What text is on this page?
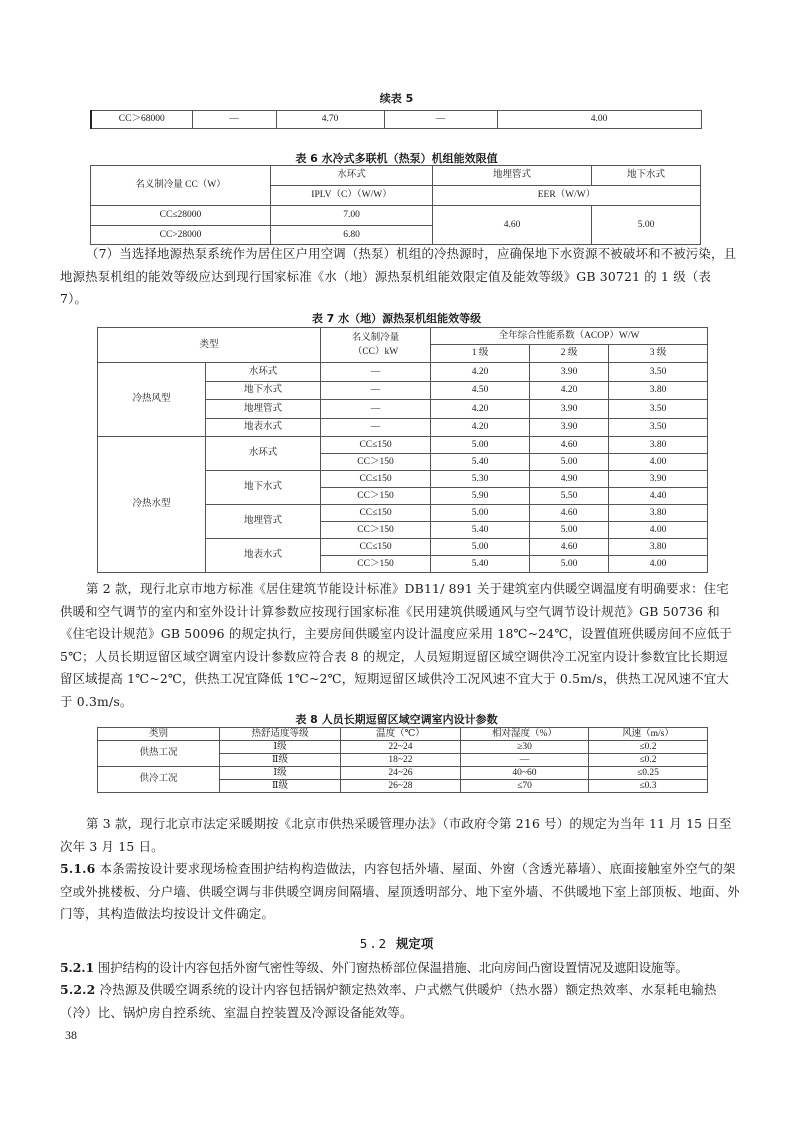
续表 5
CC＞68000	—	4.70	—	4.00
表 6 水冷式多联机（热泵）机组能效限值
名义制冷量 CC（W）	水环式	地埋管式	地下水式
	IPLV（C）（W/W）	EER（W/W）	
CC≤28000	7.00	4.60	5.00
CC>28000	6.80		
（7）当选择地源热泵系统作为居住区户用空调（热泵）机组的冷热源时，应确保地下水资源不被破坏和不被污染，且地源热泵机组的能效等级应达到现行国家标准《水（地）源热泵机组能效限定值及能效等级》GB 30721 的 1 级（表 7）。
表 7 水（地）源热泵机组能效等级
类型		名义制冷量
（CC）kW	全年综合性能系数（ACOP）W/W		
			1 级	2 级	3 级
冷热风型	水环式	—	4.20	3.90	3.50
	地下水式	—	4.50	4.20	3.80
	地埋管式	—	4.20	3.90	3.50
	地表水式	—	4.20	3.90	3.50
冷热水型	水环式	CC≤150	5.00	4.60	3.80
		CC＞150	5.40	5.00	4.00
	地下水式	CC≤150	5.30	4.90	3.90
		CC＞150	5.90	5.50	4.40
	地埋管式	CC≤150	5.00	4.60	3.80
		CC＞150	5.40	5.00	4.00
	地表水式	CC≤150	5.00	4.60	3.80
		CC＞150	5.40	5.00	4.00
第 2 款，现行北京市地方标准《居住建筑节能设计标准》DB11/ 891 关于建筑室内供暖空调温度有明确要求：住宅供暖和空气调节的室内和室外设计计算参数应按现行国家标准《民用建筑供暖通风与空气调节设计规范》GB 50736 和《住宅设计规范》GB 50096 的规定执行，主要房间供暖室内设计温度应采用 18℃~24℃，设置值班供暖房间不应低于 5℃；人员长期逗留区域空调室内设计参数应符合表 8 的规定，人员短期逗留区域空调供冷工况室内设计参数宜比长期逗留区域提高 1℃~2℃，供热工况宜降低 1℃~2℃，短期逗留区域供冷工况风速不宜大于 0.5m/s，供热工况风速不宜大于 0.3m/s。
表 8 人员长期逗留区域空调室内设计参数
类别	热舒适度等级	温度（℃）	相对湿度（%）	风速（m/s）
供热工况	Ⅰ级	22~24	≥30	≤0.2
	Ⅱ级	18~22	—	≤0.2
供冷工况	Ⅰ级	24~26	40~60	≤0.25
	Ⅱ级	26~28	≤70	≤0.3
第 3 款，现行北京市法定采暖期按《北京市供热采暖管理办法》（市政府令第 216 号）的规定为当年 11 月 15 日至次年 3 月 15 日。
5.1.6 本条需按设计要求现场检查围护结构构造做法，内容包括外墙、屋面、外窗（含透光幕墙）、底面接触室外空气的架空或外挑楼板、分户墙、供暖空调与非供暖空调房间隔墙、屋顶透明部分、地下室外墙、不供暖地下室上部顶板、地面、外门等，其构造做法均按设计文件确定。
5.2 规定项
5.2.1 围护结构的设计内容包括外窗气密性等级、外门窗热桥部位保温措施、北向房间凸窗设置情况及遮阳设施等。
5.2.2 冷热源及供暖空调系统的设计内容包括锅炉额定热效率、户式燃气供暖炉（热水器）额定热效率、水泵耗电输热（冷）比、锅炉房自控系统、室温自控装置及冷源设备能效等。
38
